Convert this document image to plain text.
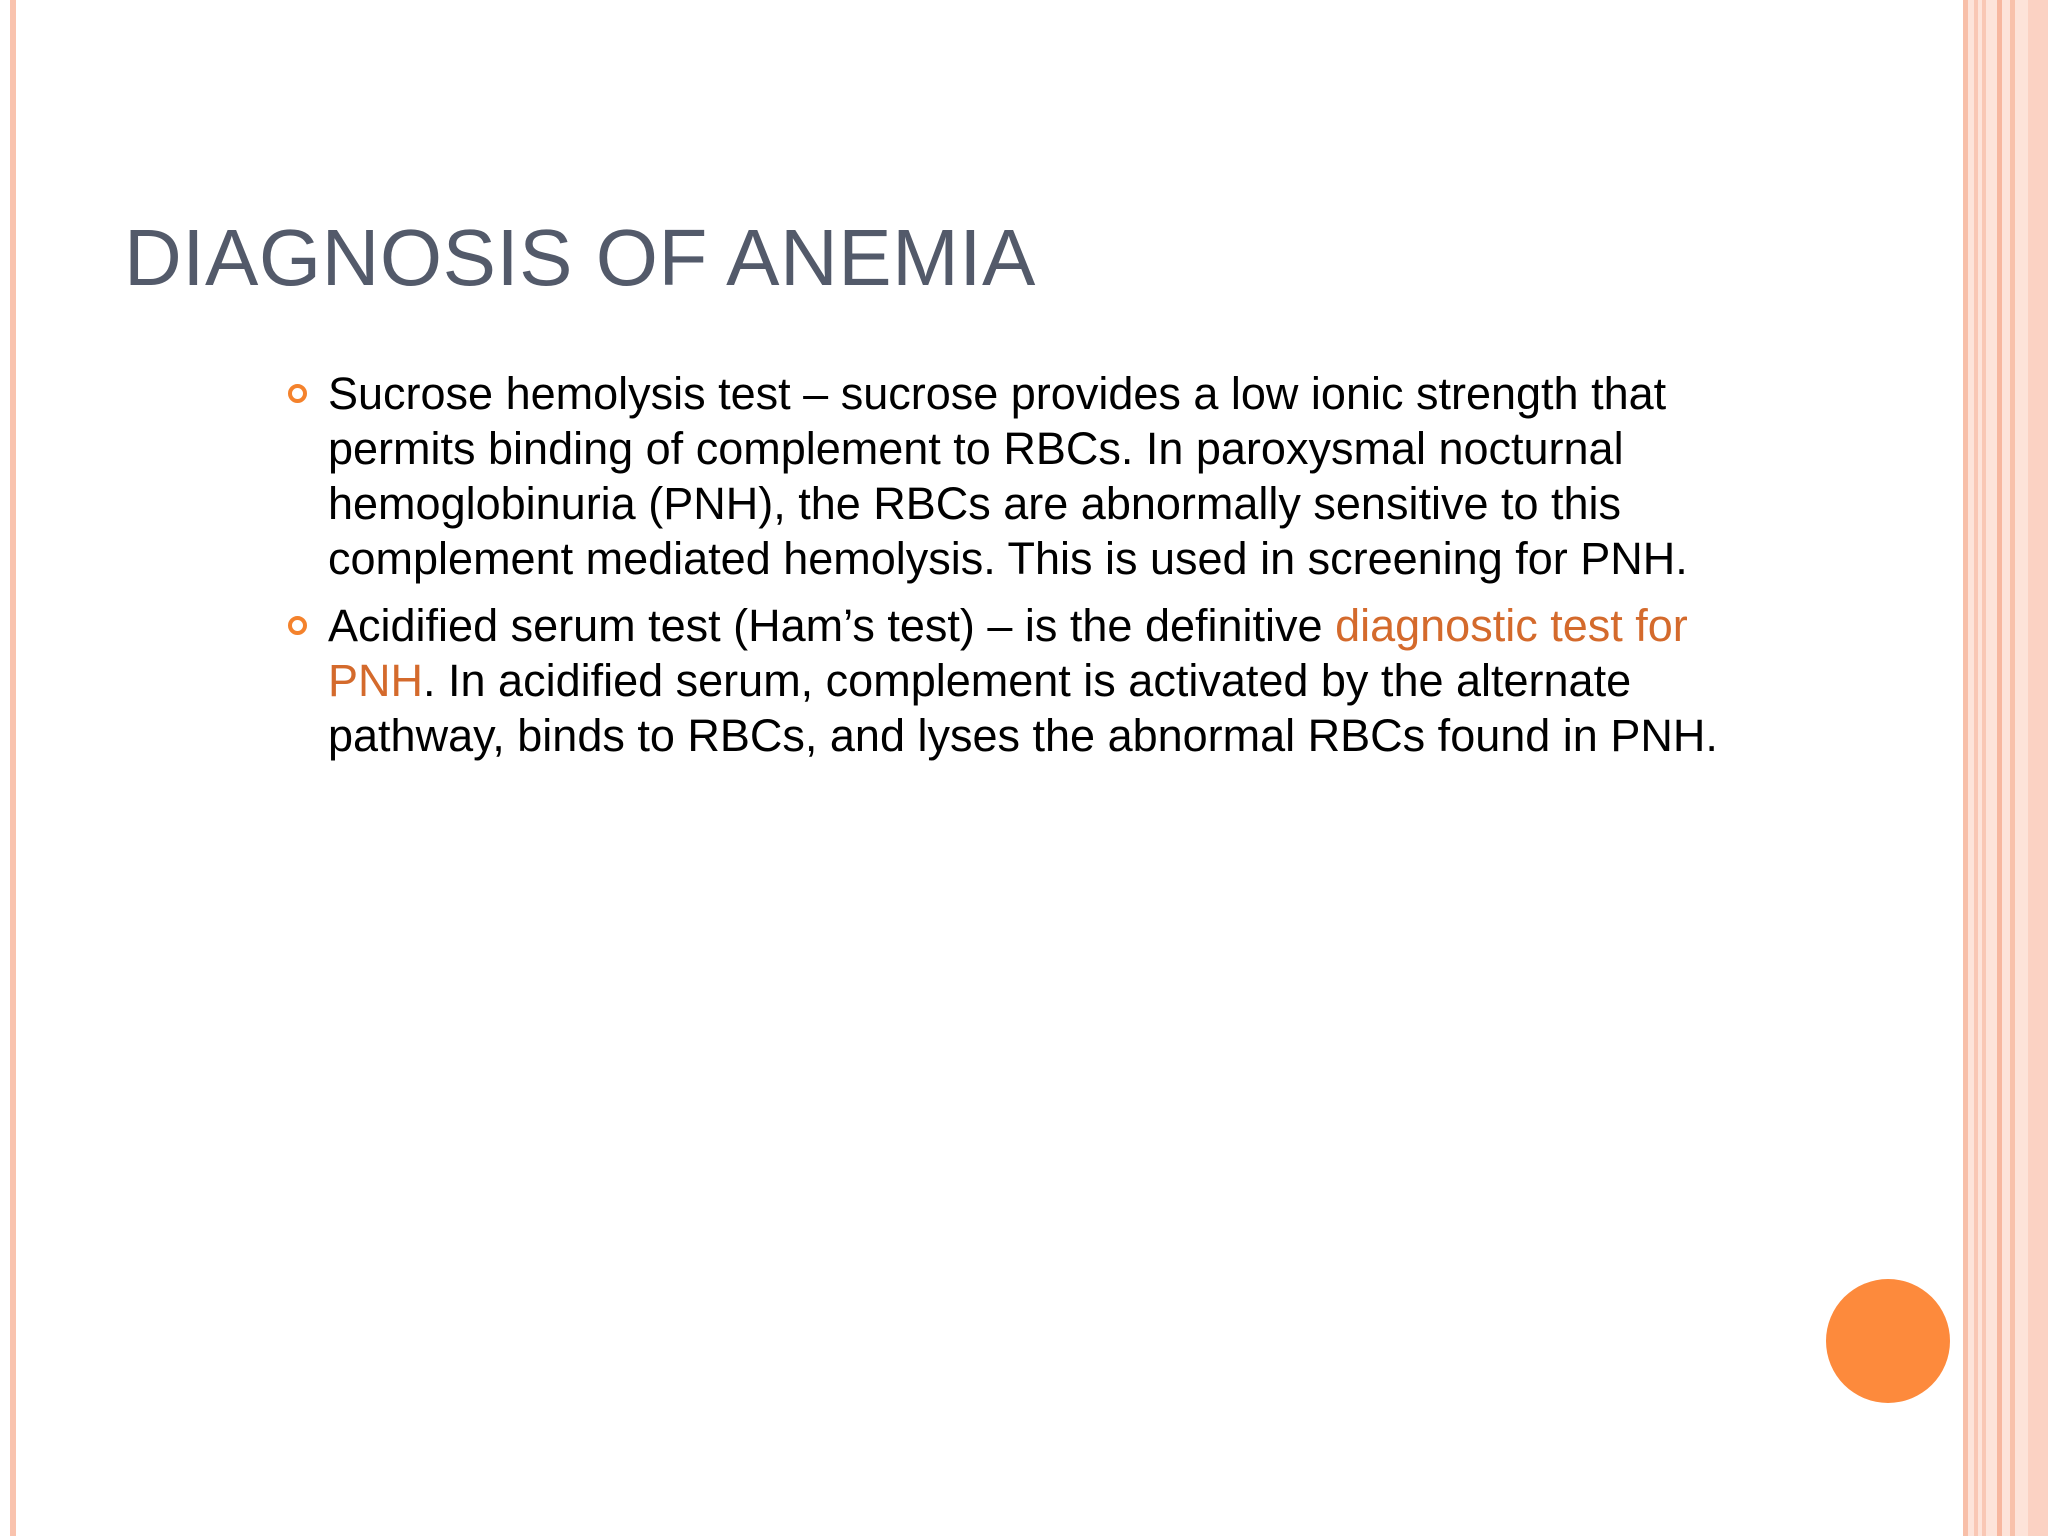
DIAGNOSIS OF ANEMIA

Sucrose hemolysis test – sucrose provides a low ionic strength that permits binding of complement to RBCs. In paroxysmal nocturnal hemoglobinuria (PNH), the RBCs are abnormally sensitive to this complement mediated hemolysis. This is used in screening for PNH.

Acidified serum test (Ham’s test) – is the definitive diagnostic test for PNH. In acidified serum, complement is activated by the alternate pathway, binds to RBCs, and lyses the abnormal RBCs found in PNH.
